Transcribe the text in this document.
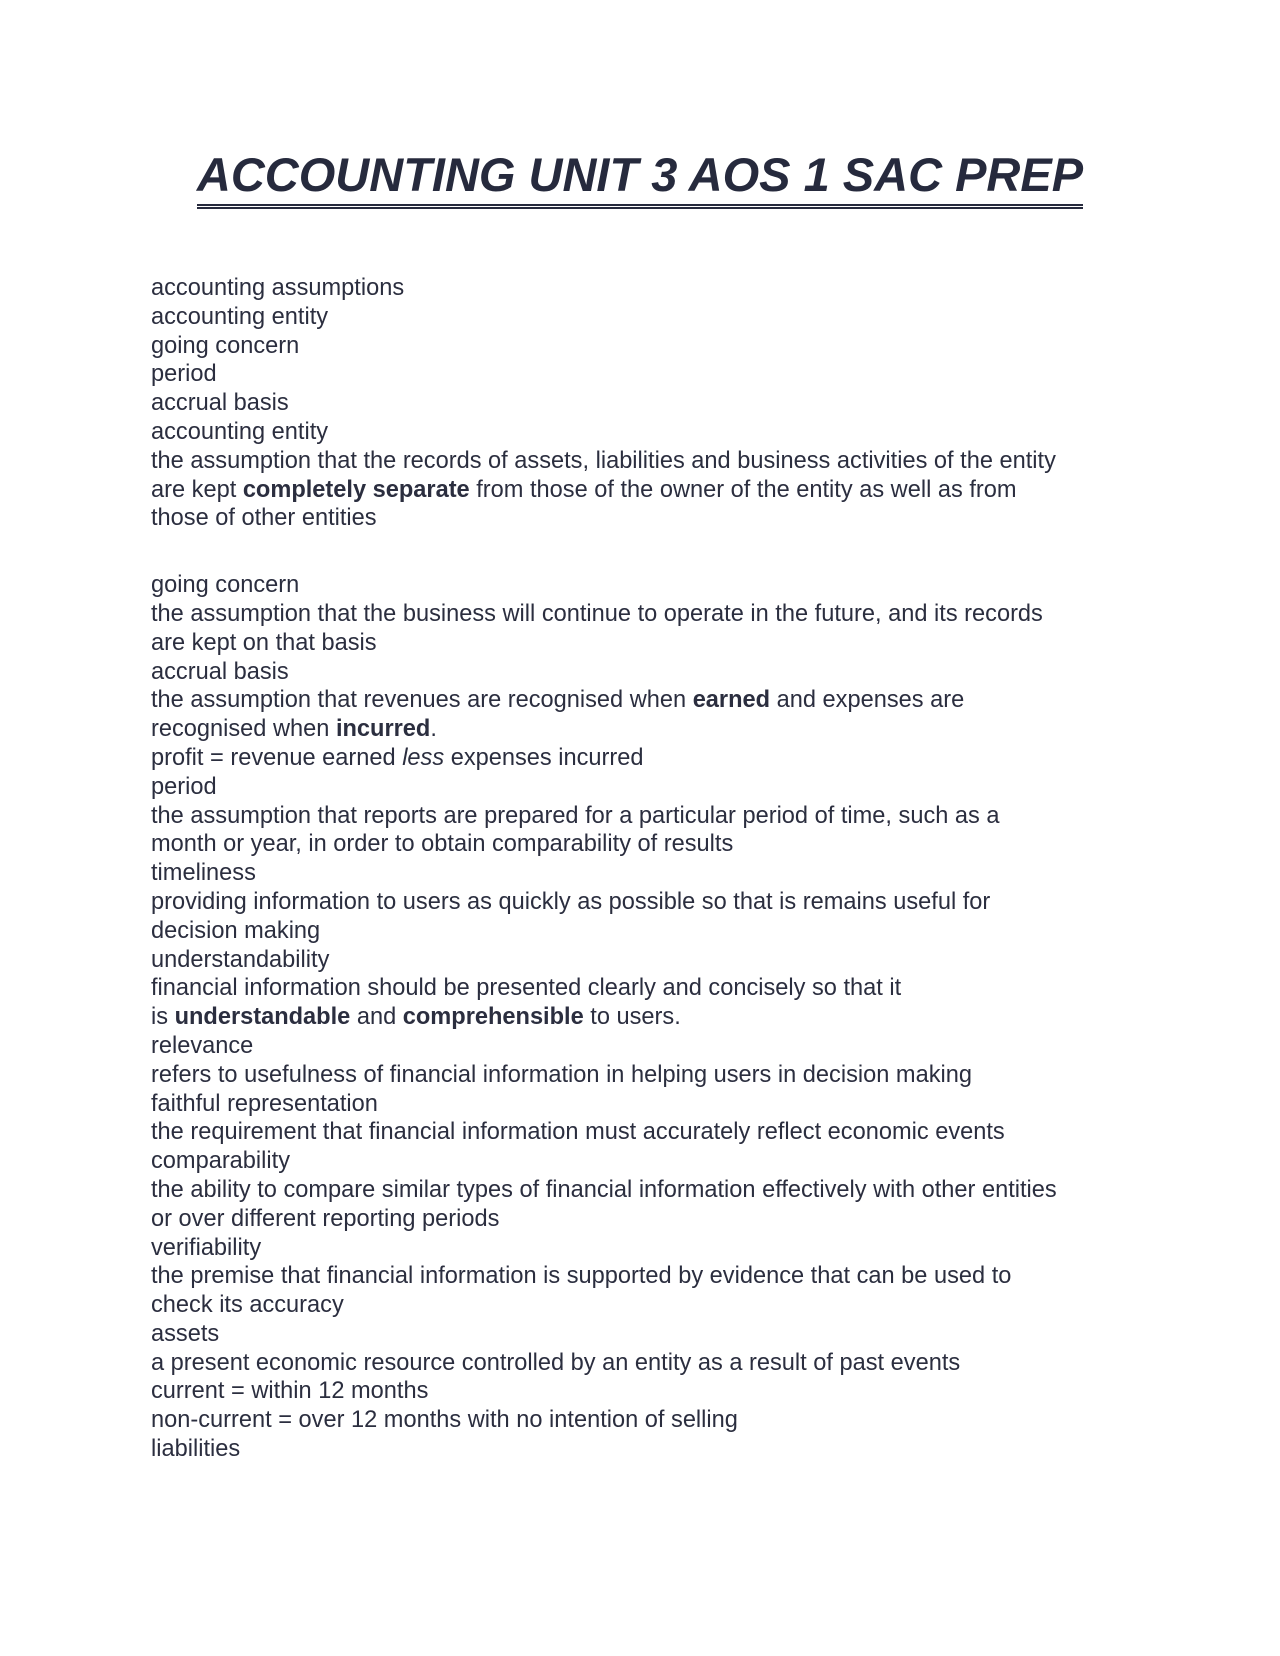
ACCOUNTING UNIT 3 AOS 1 SAC PREP

accounting assumptions

accounting entity

going concern

period

accrual basis

accounting entity

the assumption that the records of assets, liabilities and business activities of the entity

are kept completely separate from those of the owner of the entity as well as from

those of other entities

going concern

the assumption that the business will continue to operate in the future, and its records

are kept on that basis

accrual basis

the assumption that revenues are recognised when earned and expenses are

recognised when incurred.

profit = revenue earned less expenses incurred

period

the assumption that reports are prepared for a particular period of time, such as a

month or year, in order to obtain comparability of results

timeliness

providing information to users as quickly as possible so that is remains useful for

decision making

understandability

financial information should be presented clearly and concisely so that it

is understandable and comprehensible to users.

relevance

refers to usefulness of financial information in helping users in decision making

faithful representation

the requirement that financial information must accurately reflect economic events

comparability

the ability to compare similar types of financial information effectively with other entities

or over different reporting periods

verifiability

the premise that financial information is supported by evidence that can be used to

check its accuracy

assets

a present economic resource controlled by an entity as a result of past events

current = within 12 months

non-current = over 12 months with no intention of selling

liabilities
